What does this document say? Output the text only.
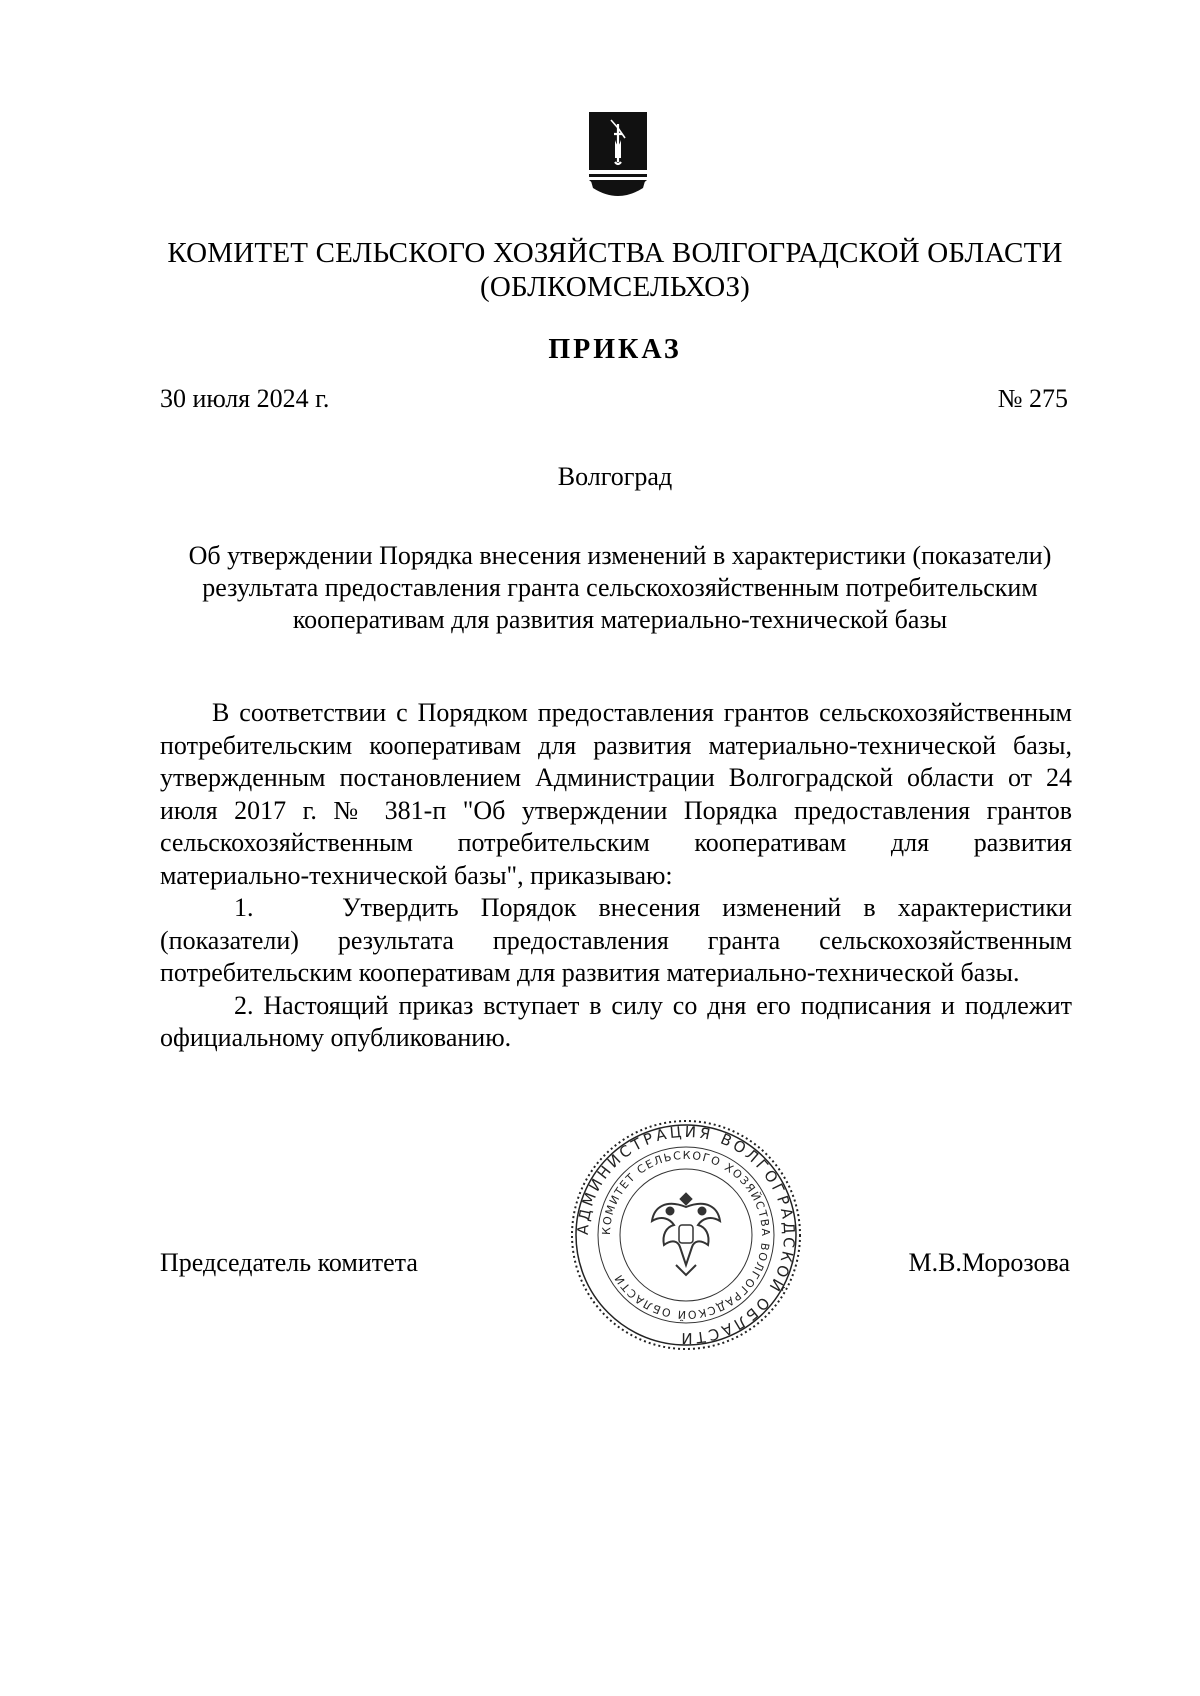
КОМИТЕТ СЕЛЬСКОГО ХОЗЯЙСТВА ВОЛГОГРАДСКОЙ ОБЛАСТИ
(ОБЛКОМСЕЛЬХОЗ)
ПРИКАЗ
30 июля 2024 г.	№ 275
Волгоград
Об утверждении Порядка внесения изменений в характеристики (показатели) результата предоставления гранта сельскохозяйственным потребительским кооперативам для развития материально-технической базы

В соответствии с Порядком предоставления грантов сельскохозяйственным потребительским кооперативам для развития материально-технической базы, утвержденным постановлением Администрации Волгоградской области от 24 июля 2017 г. № 381-п "Об утверждении Порядка предоставления грантов сельскохозяйственным потребительским кооперативам для развития материально-технической базы", приказываю:

1.    Утвердить Порядок внесения изменений в характеристики (показатели) результата предоставления гранта сельскохозяйственным потребительским кооперативам для развития материально-технической базы.

2. Настоящий приказ вступает в силу со дня его подписания и подлежит официальному опубликованию.

Председатель комитета	М.В.Морозова
АДМИНИСТРАЦИЯ ВОЛГОГРАДСКОЙ ОБЛАСТИ
КОМИТЕТ СЕЛЬСКОГО ХОЗЯЙСТВА ВОЛГОГРАДСКОЙ ОБЛАСТИ
